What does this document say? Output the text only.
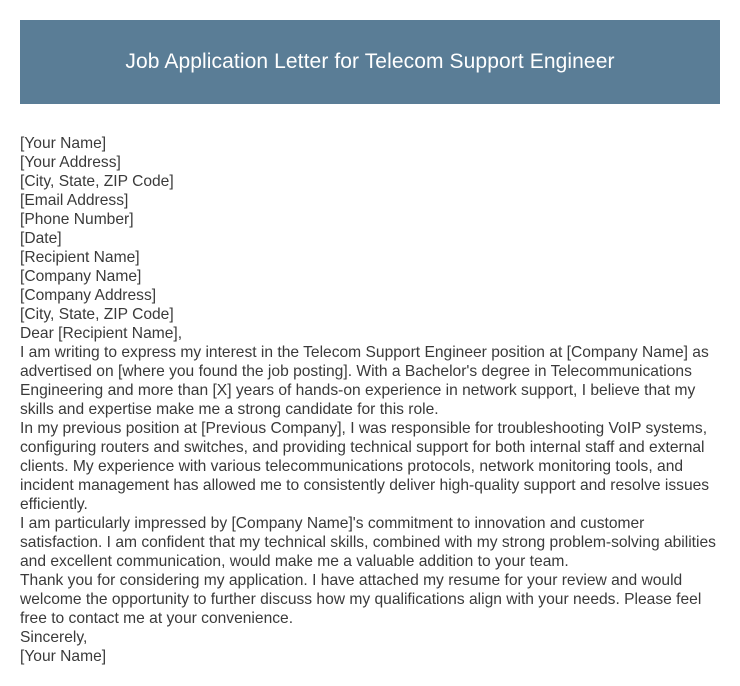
Job Application Letter for Telecom Support Engineer
[Your Name]
[Your Address]
[City, State, ZIP Code]
[Email Address]
[Phone Number]
[Date]
[Recipient Name]
[Company Name]
[Company Address]
[City, State, ZIP Code]
Dear [Recipient Name],

I am writing to express my interest in the Telecom Support Engineer position at [Company Name] as advertised on [where you found the job posting]. With a Bachelor's degree in Telecommunications Engineering and more than [X] years of hands-on experience in network support, I believe that my skills and expertise make me a strong candidate for this role.

In my previous position at [Previous Company], I was responsible for troubleshooting VoIP systems, configuring routers and switches, and providing technical support for both internal staff and external clients. My experience with various telecommunications protocols, network monitoring tools, and incident management has allowed me to consistently deliver high-quality support and resolve issues efficiently.

I am particularly impressed by [Company Name]'s commitment to innovation and customer satisfaction. I am confident that my technical skills, combined with my strong problem-solving abilities and excellent communication, would make me a valuable addition to your team.

Thank you for considering my application. I have attached my resume for your review and would welcome the opportunity to further discuss how my qualifications align with your needs. Please feel free to contact me at your convenience.

Sincerely,
[Your Name]
